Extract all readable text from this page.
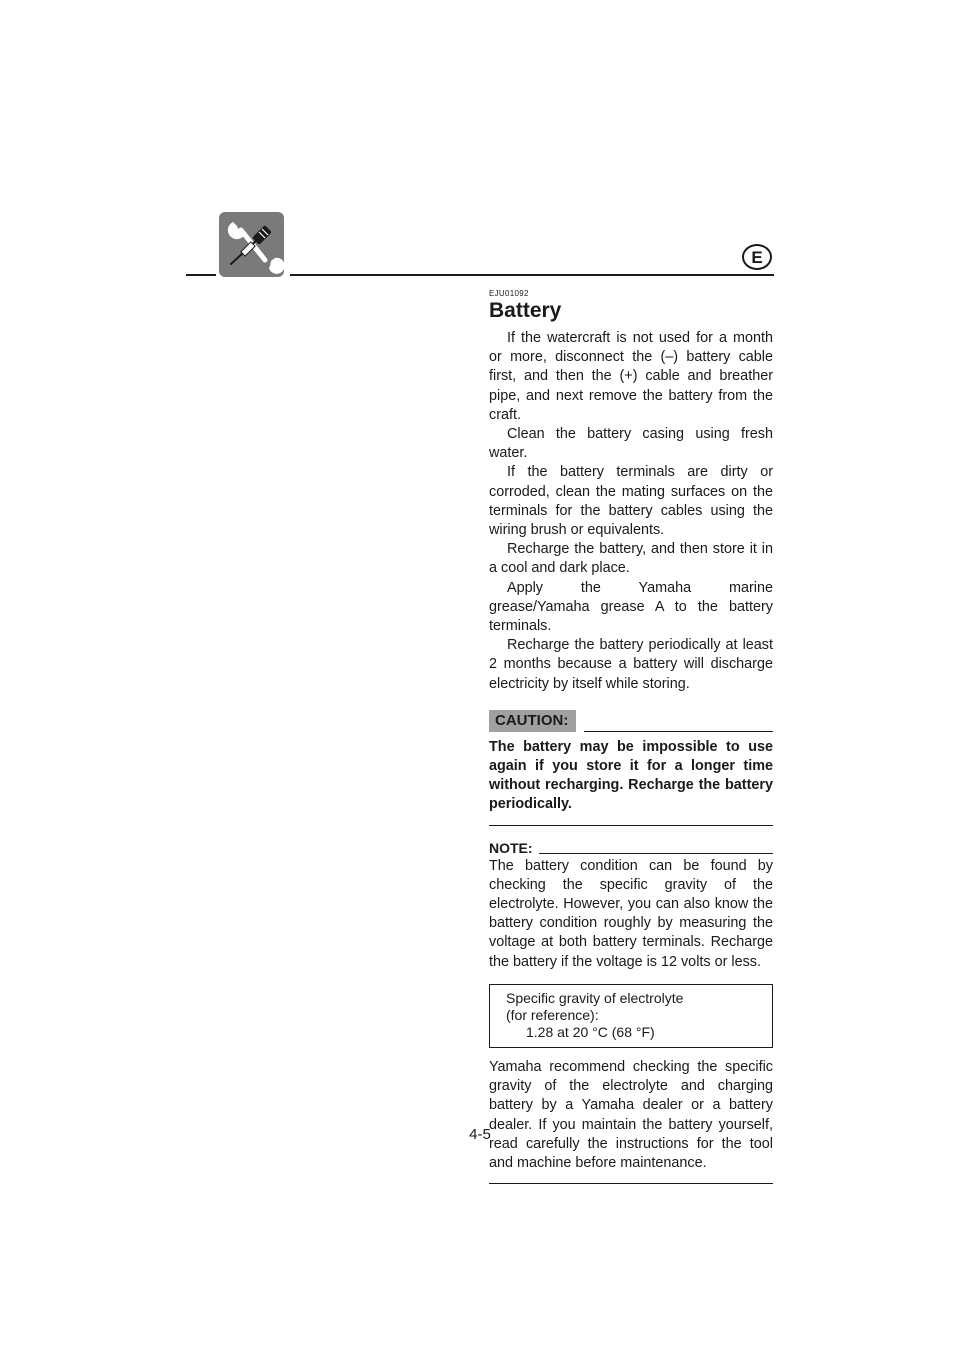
E
EJU01092
Battery

If the watercraft is not used for a month or more, disconnect the (–) battery cable first, and then the (+) cable and breather pipe, and next remove the battery from the craft.

Clean the battery casing using fresh water.

If the battery terminals are dirty or corroded, clean the mating surfaces on the terminals for the battery cables using the wiring brush or equivalents.

Recharge the battery, and then store it in a cool and dark place.

Apply the Yamaha marine grease/Yamaha grease A to the battery terminals.

Recharge the battery periodically at least 2 months because a battery will discharge electricity by itself while storing.

CAUTION:

The battery may be impossible to use again if you store it for a longer time without recharging. Recharge the battery periodically.

NOTE:

The battery condition can be found by checking the specific gravity of the electrolyte. However, you can also know the battery condition roughly by measuring the voltage at both battery terminals. Recharge the battery if the voltage is 12 volts or less.

Specific gravity of electrolyte
(for reference):
1.28 at 20 °C (68 °F)

Yamaha recommend checking the specific gravity of the electrolyte and charging battery by a Yamaha dealer or a battery dealer. If you maintain the battery yourself, read carefully the instructions for the tool and machine before maintenance.

4-5
